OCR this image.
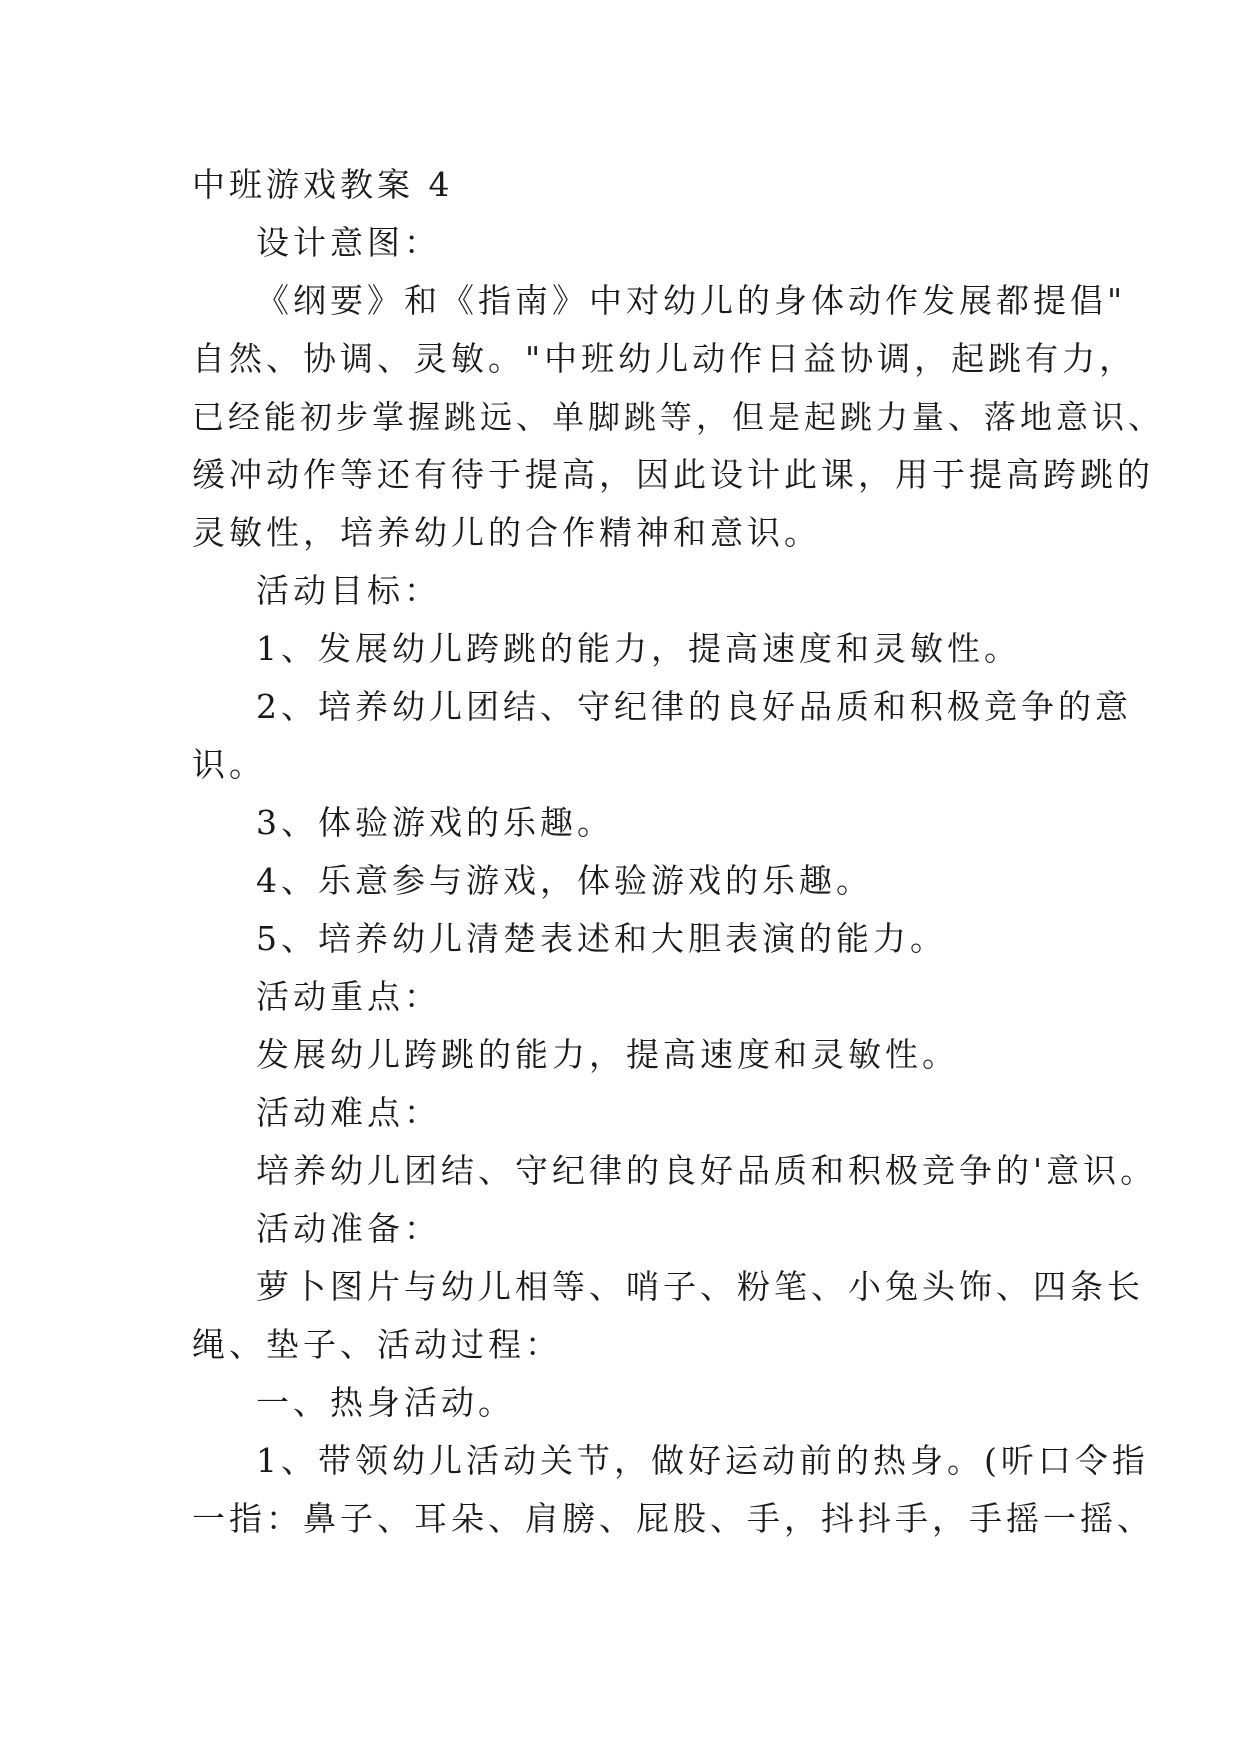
中班游戏教案 4

设计意图：

《纲要》和《指南》中对幼儿的身体动作发展都提倡"

自然、协调、灵敏。"中班幼儿动作日益协调，起跳有力，

已经能初步掌握跳远、单脚跳等，但是起跳力量、落地意识、

缓冲动作等还有待于提高，因此设计此课，用于提高跨跳的

灵敏性，培养幼儿的合作精神和意识。

活动目标：

1、发展幼儿跨跳的能力，提高速度和灵敏性。

2、培养幼儿团结、守纪律的良好品质和积极竞争的意

识。

3、体验游戏的乐趣。

4、乐意参与游戏，体验游戏的乐趣。

5、培养幼儿清楚表述和大胆表演的能力。

活动重点：

发展幼儿跨跳的能力，提高速度和灵敏性。

活动难点：

培养幼儿团结、守纪律的良好品质和积极竞争的'意识。

活动准备：

萝卜图片与幼儿相等、哨子、粉笔、小兔头饰、四条长

绳、垫子、活动过程：

一、热身活动。

1、带领幼儿活动关节，做好运动前的热身。(听口令指

一指：鼻子、耳朵、肩膀、屁股、手，抖抖手，手摇一摇、
